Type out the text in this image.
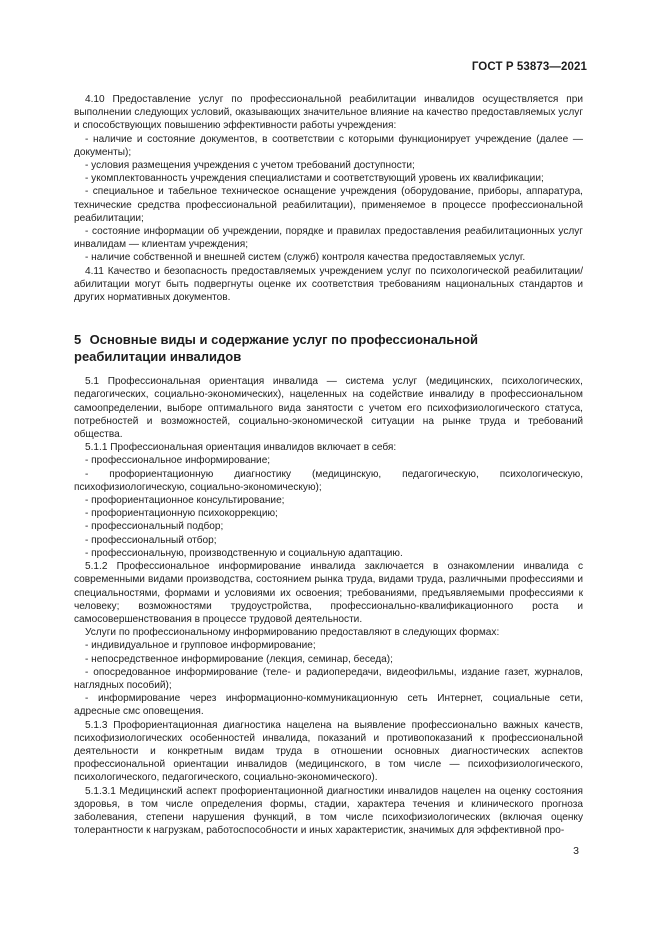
ГОСТ Р 53873—2021

4.10 Предоставление услуг по профессиональной реабилитации инвалидов осуществляется при выполнении следующих условий, оказывающих значительное влияние на качество предоставляемых услуг и способствующих повышению эффективности работы учреждения:

- наличие и состояние документов, в соответствии с которыми функционирует учреждение (далее — документы);

- условия размещения учреждения с учетом требований доступности;

- укомплектованность учреждения специалистами и соответствующий уровень их квалификации;

- специальное и табельное техническое оснащение учреждения (оборудование, приборы, аппаратура, технические средства профессиональной реабилитации), применяемое в процессе профессиональной реабилитации;

- состояние информации об учреждении, порядке и правилах предоставления реабилитационных услуг инвалидам — клиентам учреждения;

- наличие собственной и внешней систем (служб) контроля качества предоставляемых услуг.

4.11 Качество и безопасность предоставляемых учреждением услуг по психологической реабилитации/абилитации могут быть подвергнуты оценке их соответствия требованиям национальных стандартов и других нормативных документов.

5 Основные виды и содержание услуг по профессиональной
реабилитации инвалидов

5.1 Профессиональная ориентация инвалида — система услуг (медицинских, психологических, педагогических, социально-экономических), нацеленных на содействие инвалиду в профессиональном самоопределении, выборе оптимального вида занятости с учетом его психофизиологического статуса, потребностей и возможностей, социально-экономической ситуации на рынке труда и требований общества.

5.1.1 Профессиональная ориентация инвалидов включает в себя:

- профессиональное информирование;

- профориентационную диагностику (медицинскую, педагогическую, психологическую, психофизиологическую, социально-экономическую);

- профориентационное консультирование;

- профориентационную психокоррекцию;

- профессиональный подбор;

- профессиональный отбор;

- профессиональную, производственную и социальную адаптацию.

5.1.2 Профессиональное информирование инвалида заключается в ознакомлении инвалида с современными видами производства, состоянием рынка труда, видами труда, различными профессиями и специальностями, формами и условиями их освоения; требованиями, предъявляемыми профессиями к человеку; возможностями трудоустройства, профессионально-квалификационного роста и самосовершенствования в процессе трудовой деятельности.

Услуги по профессиональному информированию предоставляют в следующих формах:

- индивидуальное и групповое информирование;

- непосредственное информирование (лекция, семинар, беседа);

- опосредованное информирование (теле- и радиопередачи, видеофильмы, издание газет, журналов, наглядных пособий);

- информирование через информационно-коммуникационную сеть Интернет, социальные сети, адресные смс оповещения.

5.1.3 Профориентационная диагностика нацелена на выявление профессионально важных качеств, психофизиологических особенностей инвалида, показаний и противопоказаний к профессиональной деятельности и конкретным видам труда в отношении основных диагностических аспектов профессиональной ориентации инвалидов (медицинского, в том числе — психофизиологического, психологического, педагогического, социально-экономического).

5.1.3.1 Медицинский аспект профориентационной диагностики инвалидов нацелен на оценку состояния здоровья, в том числе определения формы, стадии, характера течения и клинического прогноза заболевания, степени нарушения функций, в том числе психофизиологических (включая оценку толерантности к нагрузкам, работоспособности и иных характеристик, значимых для эффективной про-

3
